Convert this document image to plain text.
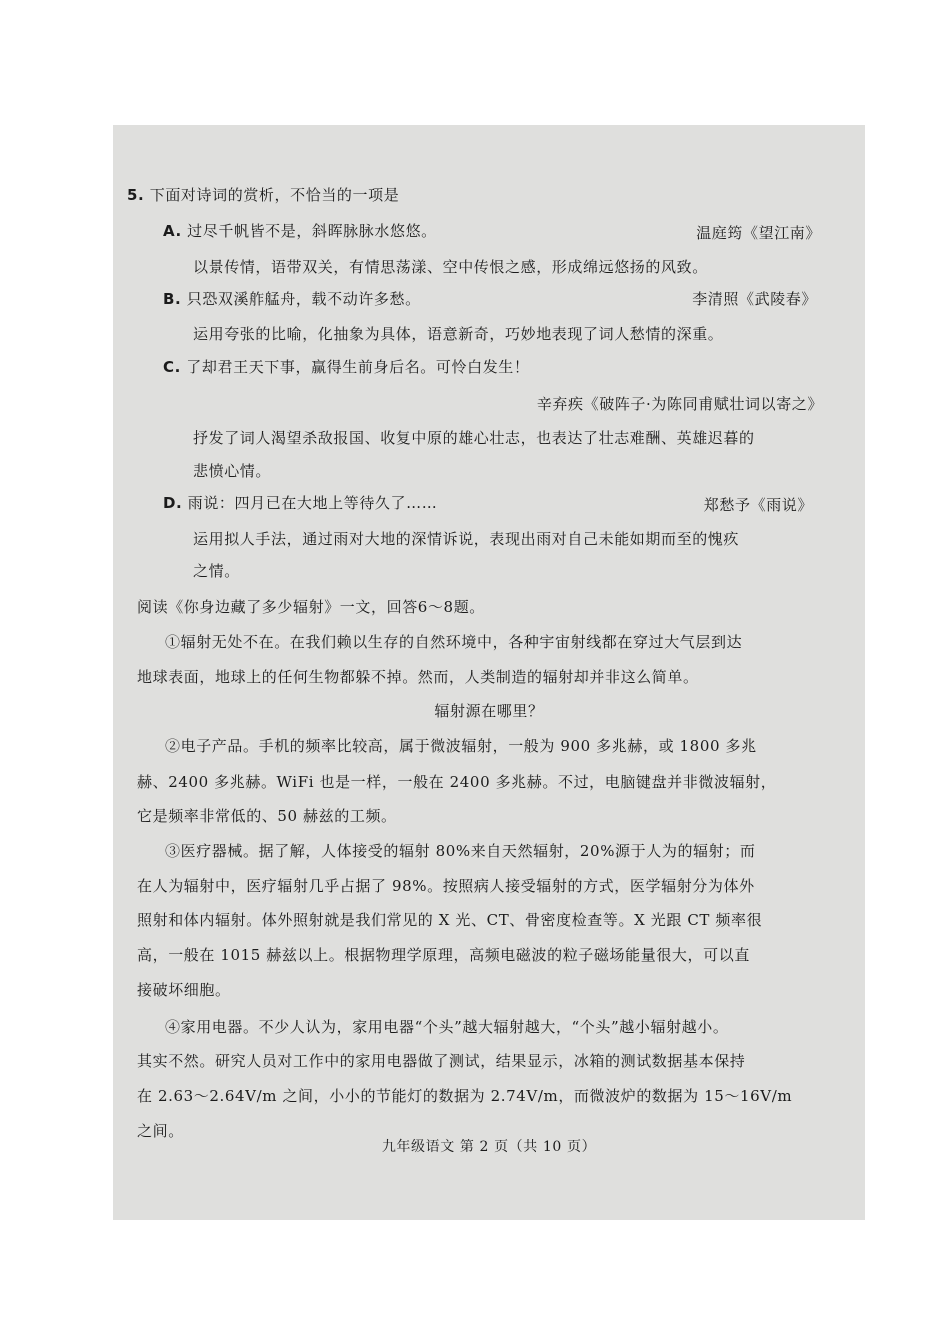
5. 下面对诗词的赏析，不恰当的一项是
A. 过尽千帆皆不是，斜晖脉脉水悠悠。	温庭筠《望江南》
以景传情，语带双关，有情思荡漾、空中传恨之感，形成绵远悠扬的风致。
B. 只恐双溪舴艋舟，载不动许多愁。	李清照《武陵春》
运用夸张的比喻，化抽象为具体，语意新奇，巧妙地表现了词人愁情的深重。
C. 了却君王天下事，赢得生前身后名。可怜白发生！
辛弃疾《破阵子·为陈同甫赋壮词以寄之》
抒发了词人渴望杀敌报国、收复中原的雄心壮志，也表达了壮志难酬、英雄迟暮的
悲愤心情。
D. 雨说：四月已在大地上等待久了……	郑愁予《雨说》
运用拟人手法，通过雨对大地的深情诉说，表现出雨对自己未能如期而至的愧疚
之情。
阅读《你身边藏了多少辐射》一文，回答6～8题。
①辐射无处不在。在我们赖以生存的自然环境中，各种宇宙射线都在穿过大气层到达
地球表面，地球上的任何生物都躲不掉。然而，人类制造的辐射却并非这么简单。
辐射源在哪里？
②电子产品。手机的频率比较高，属于微波辐射，一般为 900 多兆赫，或 1800 多兆
赫、2400 多兆赫。WiFi 也是一样，一般在 2400 多兆赫。不过，电脑键盘并非微波辐射，
它是频率非常低的、50 赫兹的工频。
③医疗器械。据了解，人体接受的辐射 80%来自天然辐射，20%源于人为的辐射；而
在人为辐射中，医疗辐射几乎占据了 98%。按照病人接受辐射的方式，医学辐射分为体外
照射和体内辐射。体外照射就是我们常见的 X 光、CT、骨密度检查等。X 光跟 CT 频率很
高，一般在 1015 赫兹以上。根据物理学原理，高频电磁波的粒子磁场能量很大，可以直
接破坏细胞。
④家用电器。不少人认为，家用电器“个头”越大辐射越大，“个头”越小辐射越小。
其实不然。研究人员对工作中的家用电器做了测试，结果显示，冰箱的测试数据基本保持
在 2.63～2.64V/m 之间，小小的节能灯的数据为 2.74V/m，而微波炉的数据为 15～16V/m
之间。
九年级语文 第 2 页（共 10 页）
